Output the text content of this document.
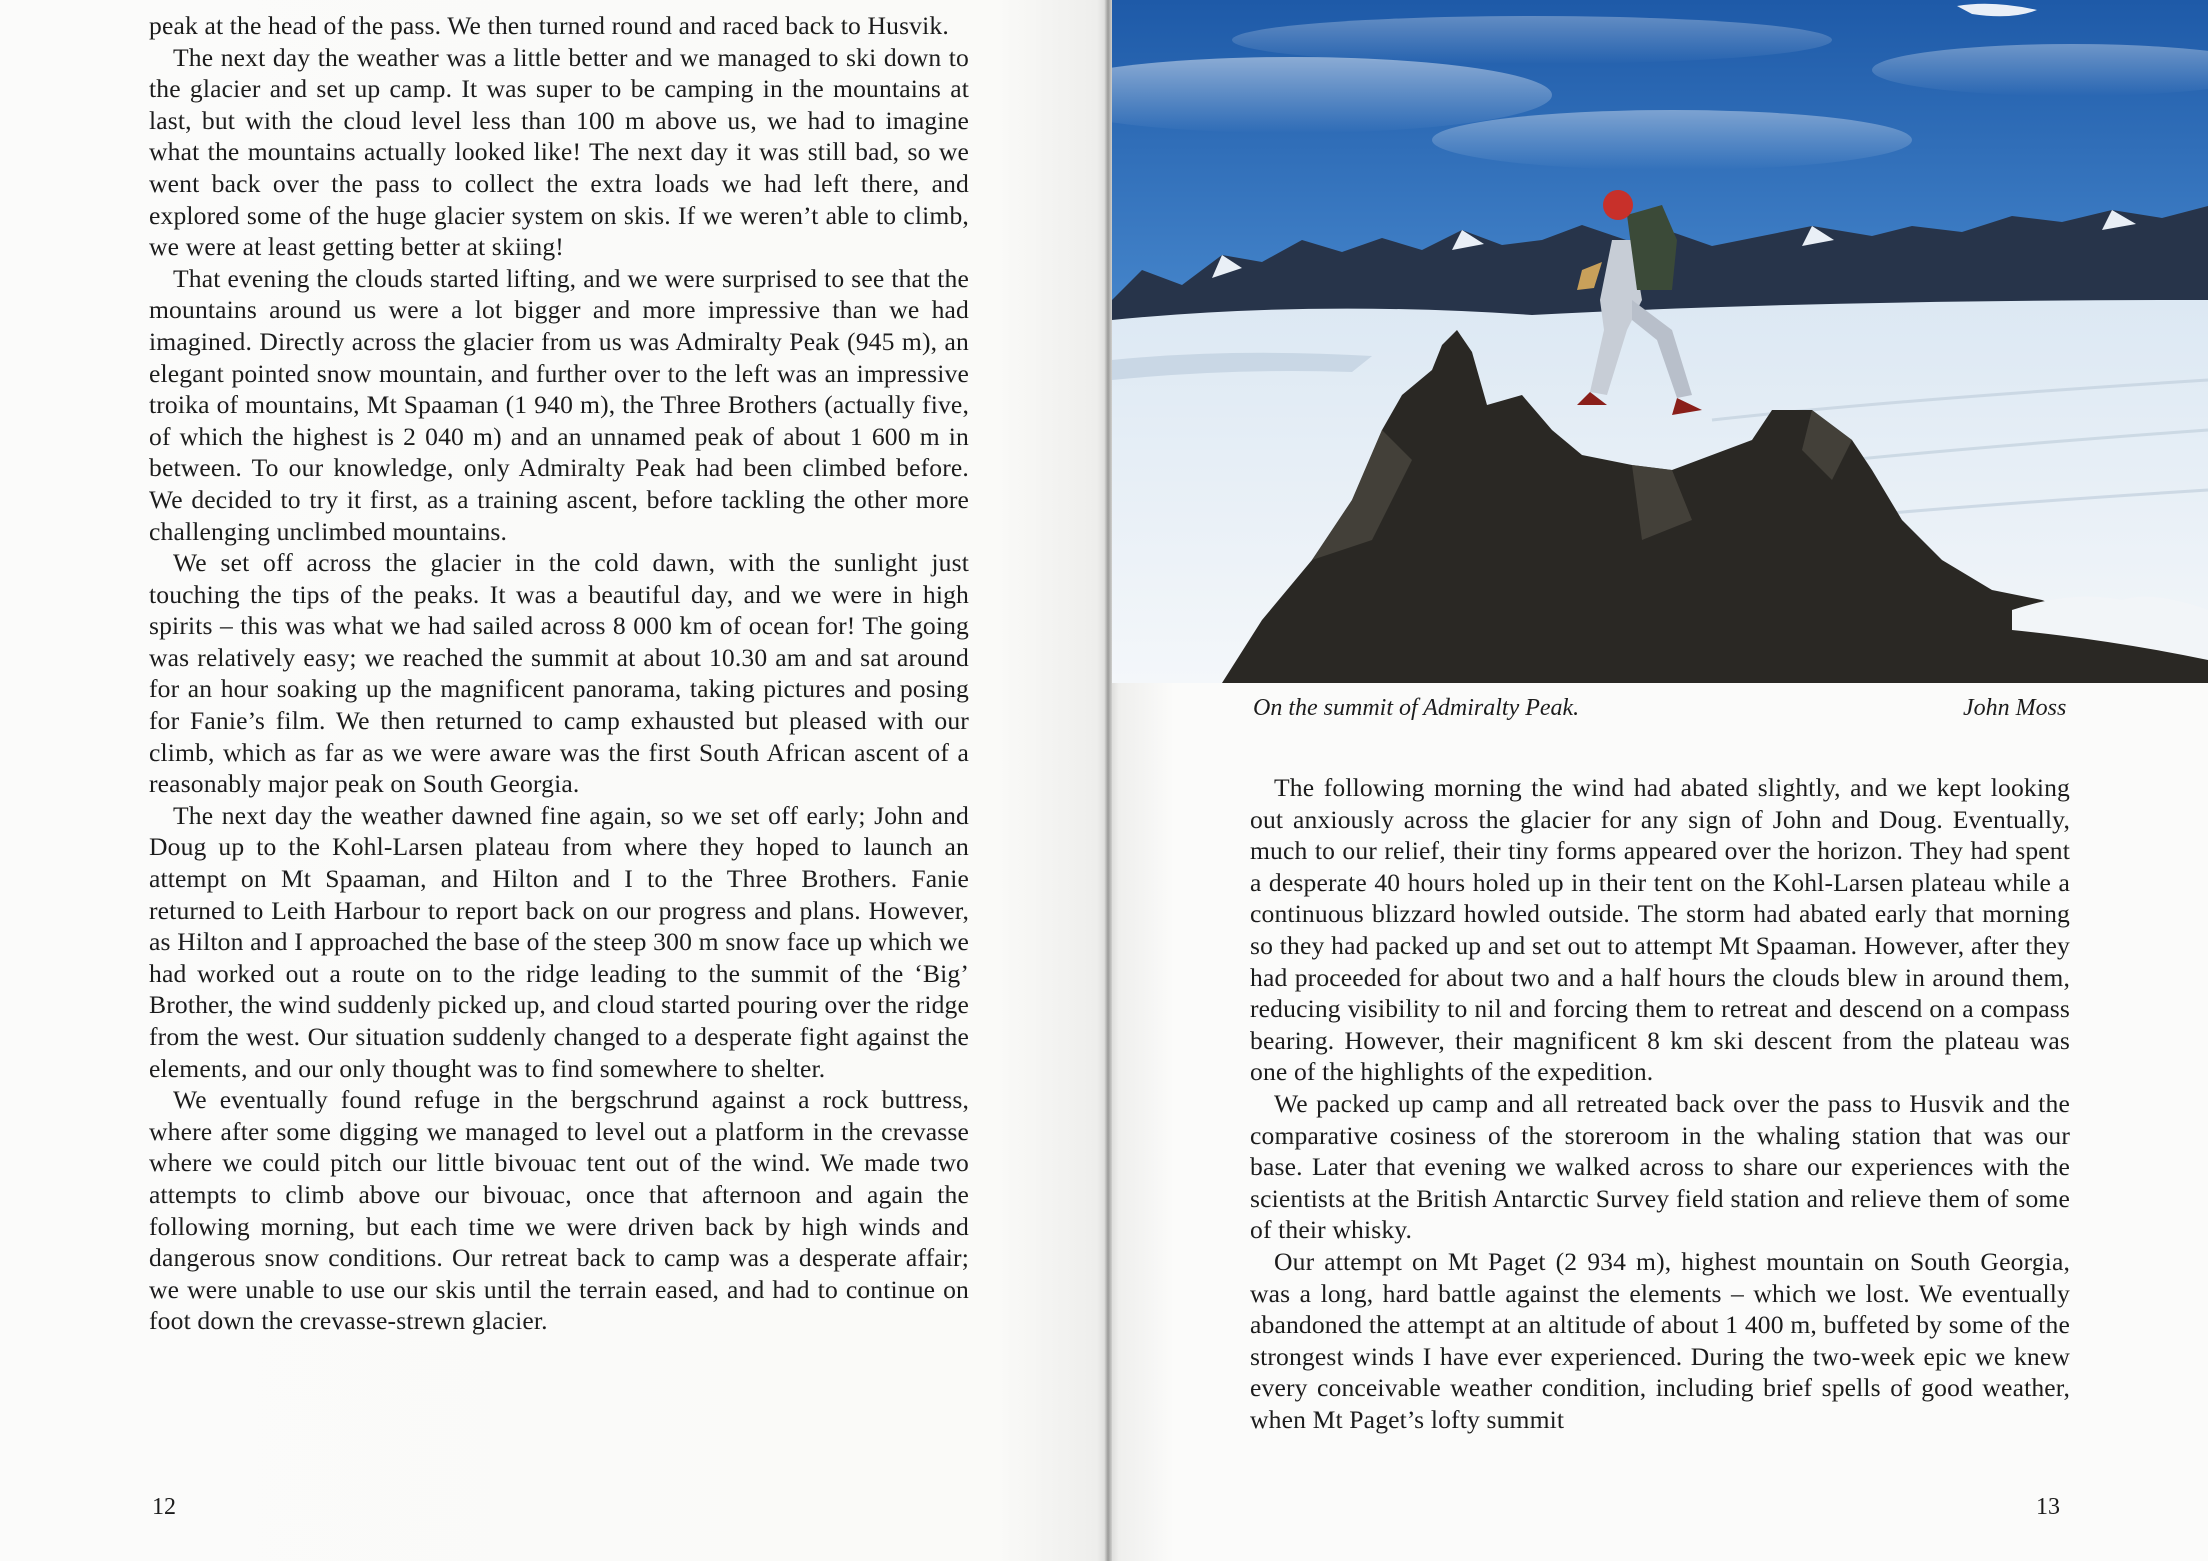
peak at the head of the pass. We then turned round and raced back to Husvik.

The next day the weather was a little better and we managed to ski down to the glacier and set up camp. It was super to be camping in the mountains at last, but with the cloud level less than 100 m above us, we had to imagine what the mountains actually looked like! The next day it was still bad, so we went back over the pass to collect the extra loads we had left there, and explored some of the huge glacier system on skis. If we weren’t able to climb, we were at least getting better at skiing!

That evening the clouds started lifting, and we were surprised to see that the mountains around us were a lot bigger and more impressive than we had imagined. Directly across the glacier from us was Admiralty Peak (945 m), an elegant pointed snow mountain, and further over to the left was an impressive troika of mountains, Mt Spaaman (1 940 m), the Three Brothers (actually five, of which the highest is 2 040 m) and an unnamed peak of about 1 600 m in between. To our knowledge, only Admiralty Peak had been climbed before. We decided to try it first, as a training ascent, before tackling the other more challenging unclimbed mountains.

We set off across the glacier in the cold dawn, with the sunlight just touching the tips of the peaks. It was a beautiful day, and we were in high spirits – this was what we had sailed across 8 000 km of ocean for! The going was relatively easy; we reached the summit at about 10.30 am and sat around for an hour soaking up the magnificent panorama, taking pictures and posing for Fanie’s film. We then returned to camp exhausted but pleased with our climb, which as far as we were aware was the first South African ascent of a reasonably major peak on South Georgia.

The next day the weather dawned fine again, so we set off early; John and Doug up to the Kohl-Larsen plateau from where they hoped to launch an attempt on Mt Spaaman, and Hilton and I to the Three Brothers. Fanie returned to Leith Harbour to report back on our progress and plans. However, as Hilton and I approached the base of the steep 300 m snow face up which we had worked out a route on to the ridge leading to the summit of the ‘Big’ Brother, the wind suddenly picked up, and cloud started pouring over the ridge from the west. Our situation suddenly changed to a desperate fight against the elements, and our only thought was to find somewhere to shelter.

We eventually found refuge in the bergschrund against a rock buttress, where after some digging we managed to level out a platform in the crevasse where we could pitch our little bivouac tent out of the wind. We made two attempts to climb above our bivouac, once that afternoon and again the following morning, but each time we were driven back by high winds and dangerous snow conditions. Our retreat back to camp was a desperate affair; we were unable to use our skis until the terrain eased, and had to continue on foot down the crevasse-strewn glacier.

12
On the summit of Admiralty Peak.	John Moss

The following morning the wind had abated slightly, and we kept looking out anxiously across the glacier for any sign of John and Doug. Eventually, much to our relief, their tiny forms appeared over the horizon. They had spent a desperate 40 hours holed up in their tent on the Kohl-Larsen plateau while a continuous blizzard howled outside. The storm had abated early that morning so they had packed up and set out to attempt Mt Spaaman. However, after they had proceeded for about two and a half hours the clouds blew in around them, reducing visibility to nil and forcing them to retreat and descend on a compass bearing. However, their magnificent 8 km ski descent from the plateau was one of the highlights of the expedition.

We packed up camp and all retreated back over the pass to Husvik and the comparative cosiness of the storeroom in the whaling station that was our base. Later that evening we walked across to share our experiences with the scientists at the British Antarctic Survey field station and relieve them of some of their whisky.

Our attempt on Mt Paget (2 934 m), highest mountain on South Georgia, was a long, hard battle against the elements – which we lost. We eventually abandoned the attempt at an altitude of about 1 400 m, buffeted by some of the strongest winds I have ever experienced. During the two-week epic we knew every conceivable weather condition, including brief spells of good weather, when Mt Paget’s lofty summit

13
